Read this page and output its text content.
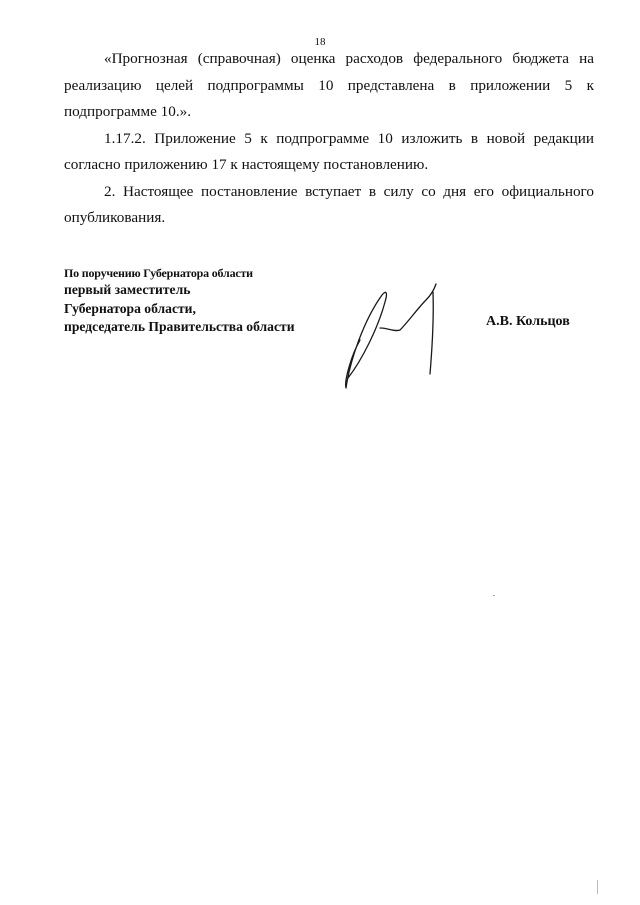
18

«Прогнозная (справочная) оценка расходов федерального бюджета на реализацию целей подпрограммы 10 представлена в приложении 5 к подпрограмме 10.».

1.17.2. Приложение 5 к подпрограмме 10 изложить в новой редакции согласно приложению 17 к настоящему постановлению.

2. Настоящее постановление вступает в силу со дня его официального опубликования.

По поручению Губернатора области
первый заместитель
Губернатора области,
председатель Правительства области	А.В. Кольцов
